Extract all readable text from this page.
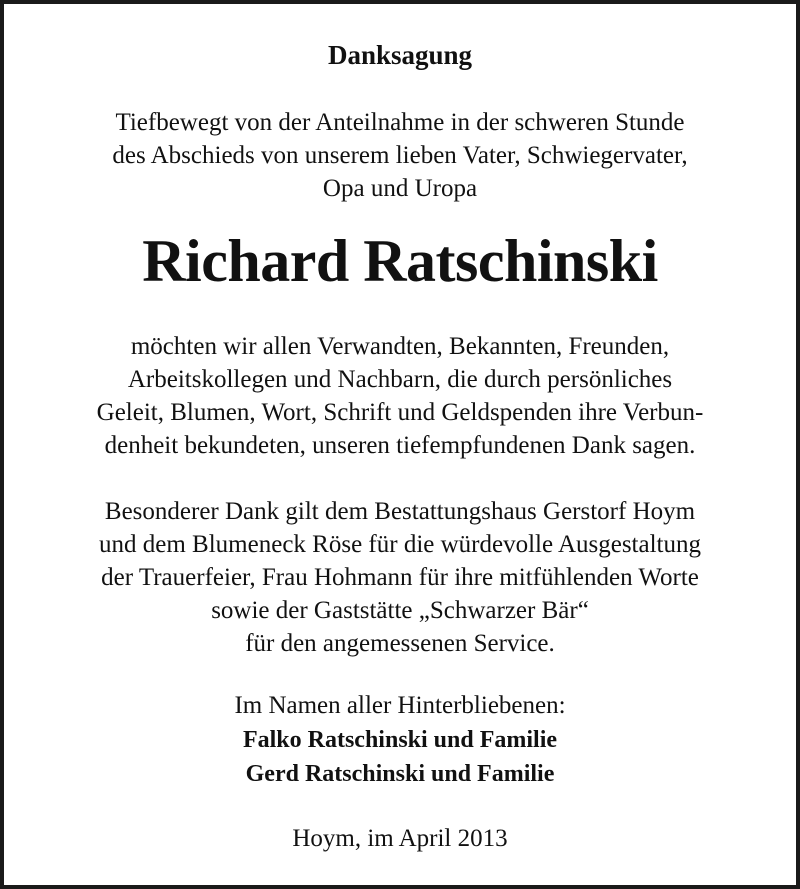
Danksagung
Tiefbewegt von der Anteilnahme in der schweren Stunde
des Abschieds von unserem lieben Vater, Schwiegervater,
Opa und Uropa
Richard Ratschinski
möchten wir allen Verwandten, Bekannten, Freunden,
Arbeitskollegen und Nachbarn, die durch persönliches
Geleit, Blumen, Wort, Schrift und Geldspenden ihre Verbun-
denheit bekundeten, unseren tiefempfundenen Dank sagen.
Besonderer Dank gilt dem Bestattungshaus Gerstorf Hoym
und dem Blumeneck Röse für die würdevolle Ausgestaltung
der Trauerfeier, Frau Hohmann für ihre mitfühlenden Worte
sowie der Gaststätte „Schwarzer Bär“
für den angemessenen Service.
Im Namen aller Hinterbliebenen:
Falko Ratschinski und Familie
Gerd Ratschinski und Familie
Hoym, im April 2013
